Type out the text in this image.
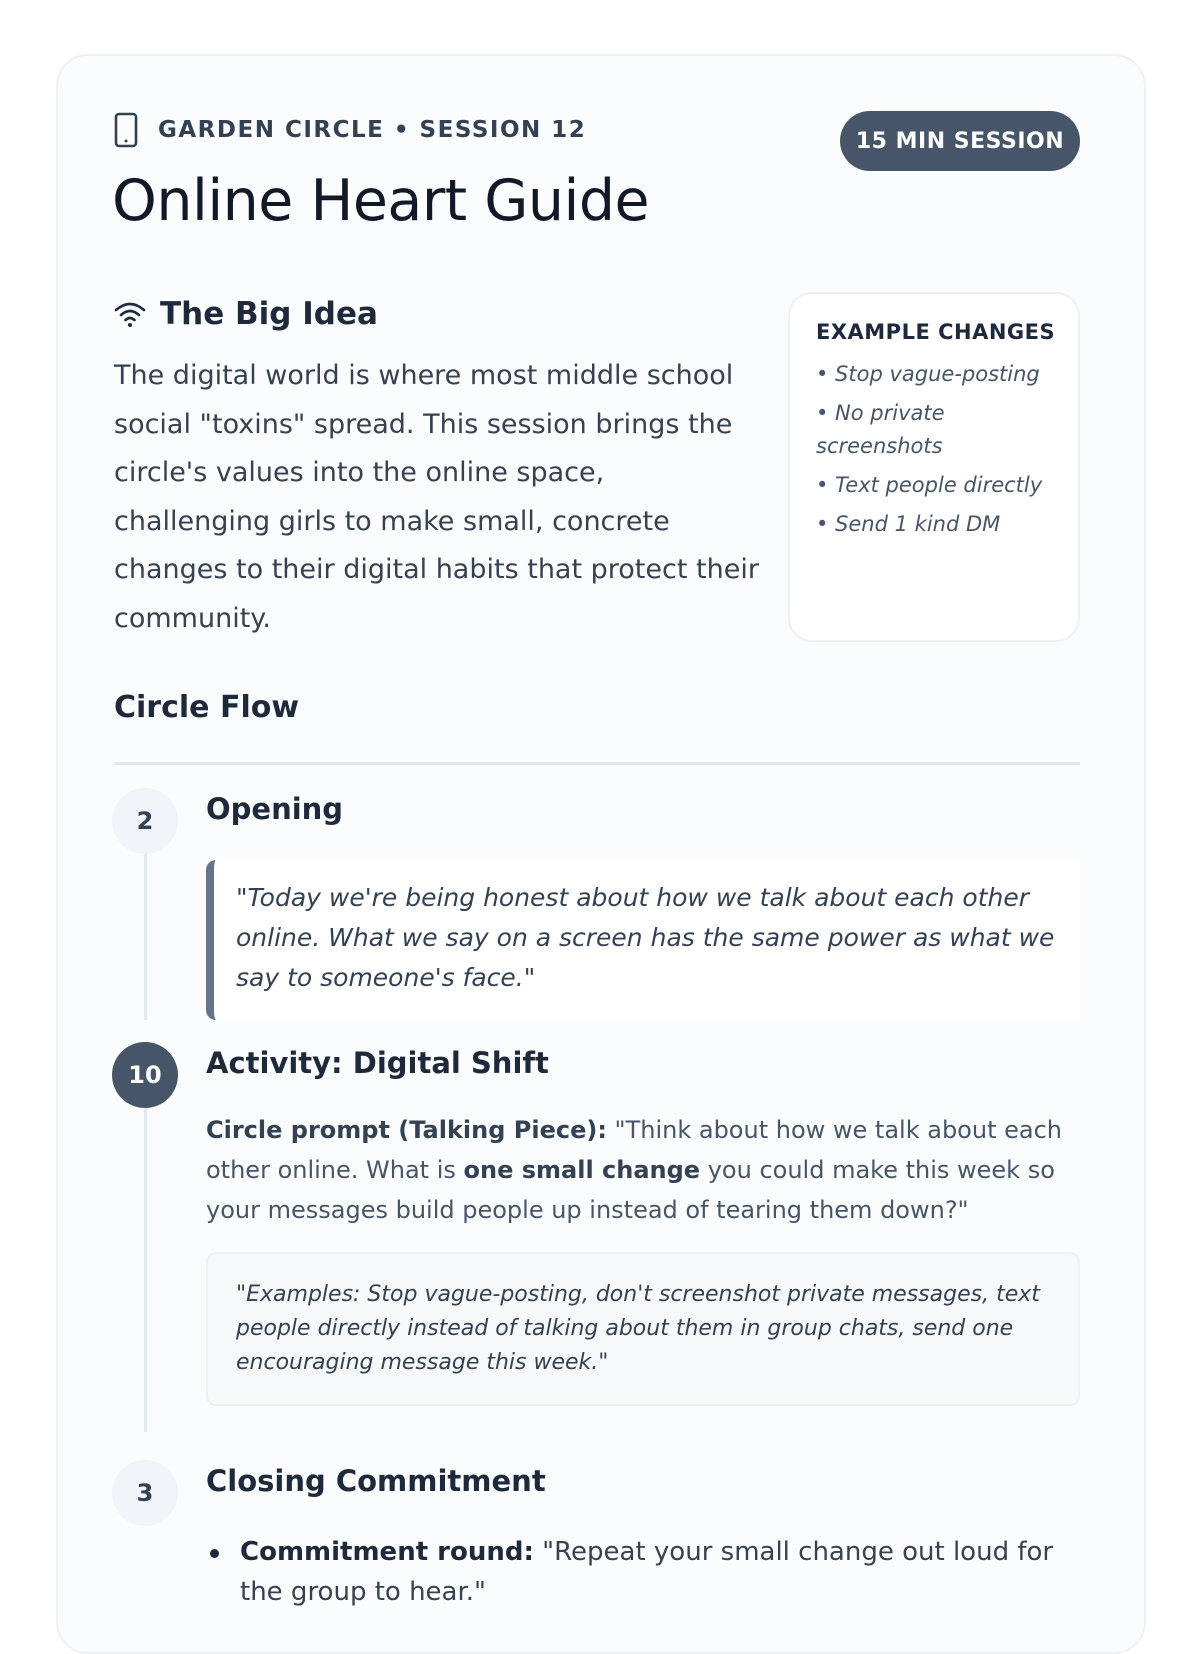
GARDEN CIRCLE • SESSION 12	15 MIN SESSION
Online Heart Guide
The Big Idea

The digital world is where most middle school social "toxins" spread. This session brings the circle's values into the online space, challenging girls to make small, concrete changes to their digital habits that protect their community.

EXAMPLE CHANGES
• Stop vague-posting
• No private screenshots
• Text people directly
• Send 1 kind DM
Circle Flow
2	Opening
"Today we're being honest about how we talk about each other online. What we say on a screen has the same power as what we say to someone's face."
10	Activity: Digital Shift

Circle prompt (Talking Piece): "Think about how we talk about each other online. What is one small change you could make this week so your messages build people up instead of tearing them down?"

"Examples: Stop vague-posting, don't screenshot private messages, text people directly instead of talking about them in group chats, send one encouraging message this week."
3	Closing Commitment
Commitment round: "Repeat your small change out loud for the group to hear."
